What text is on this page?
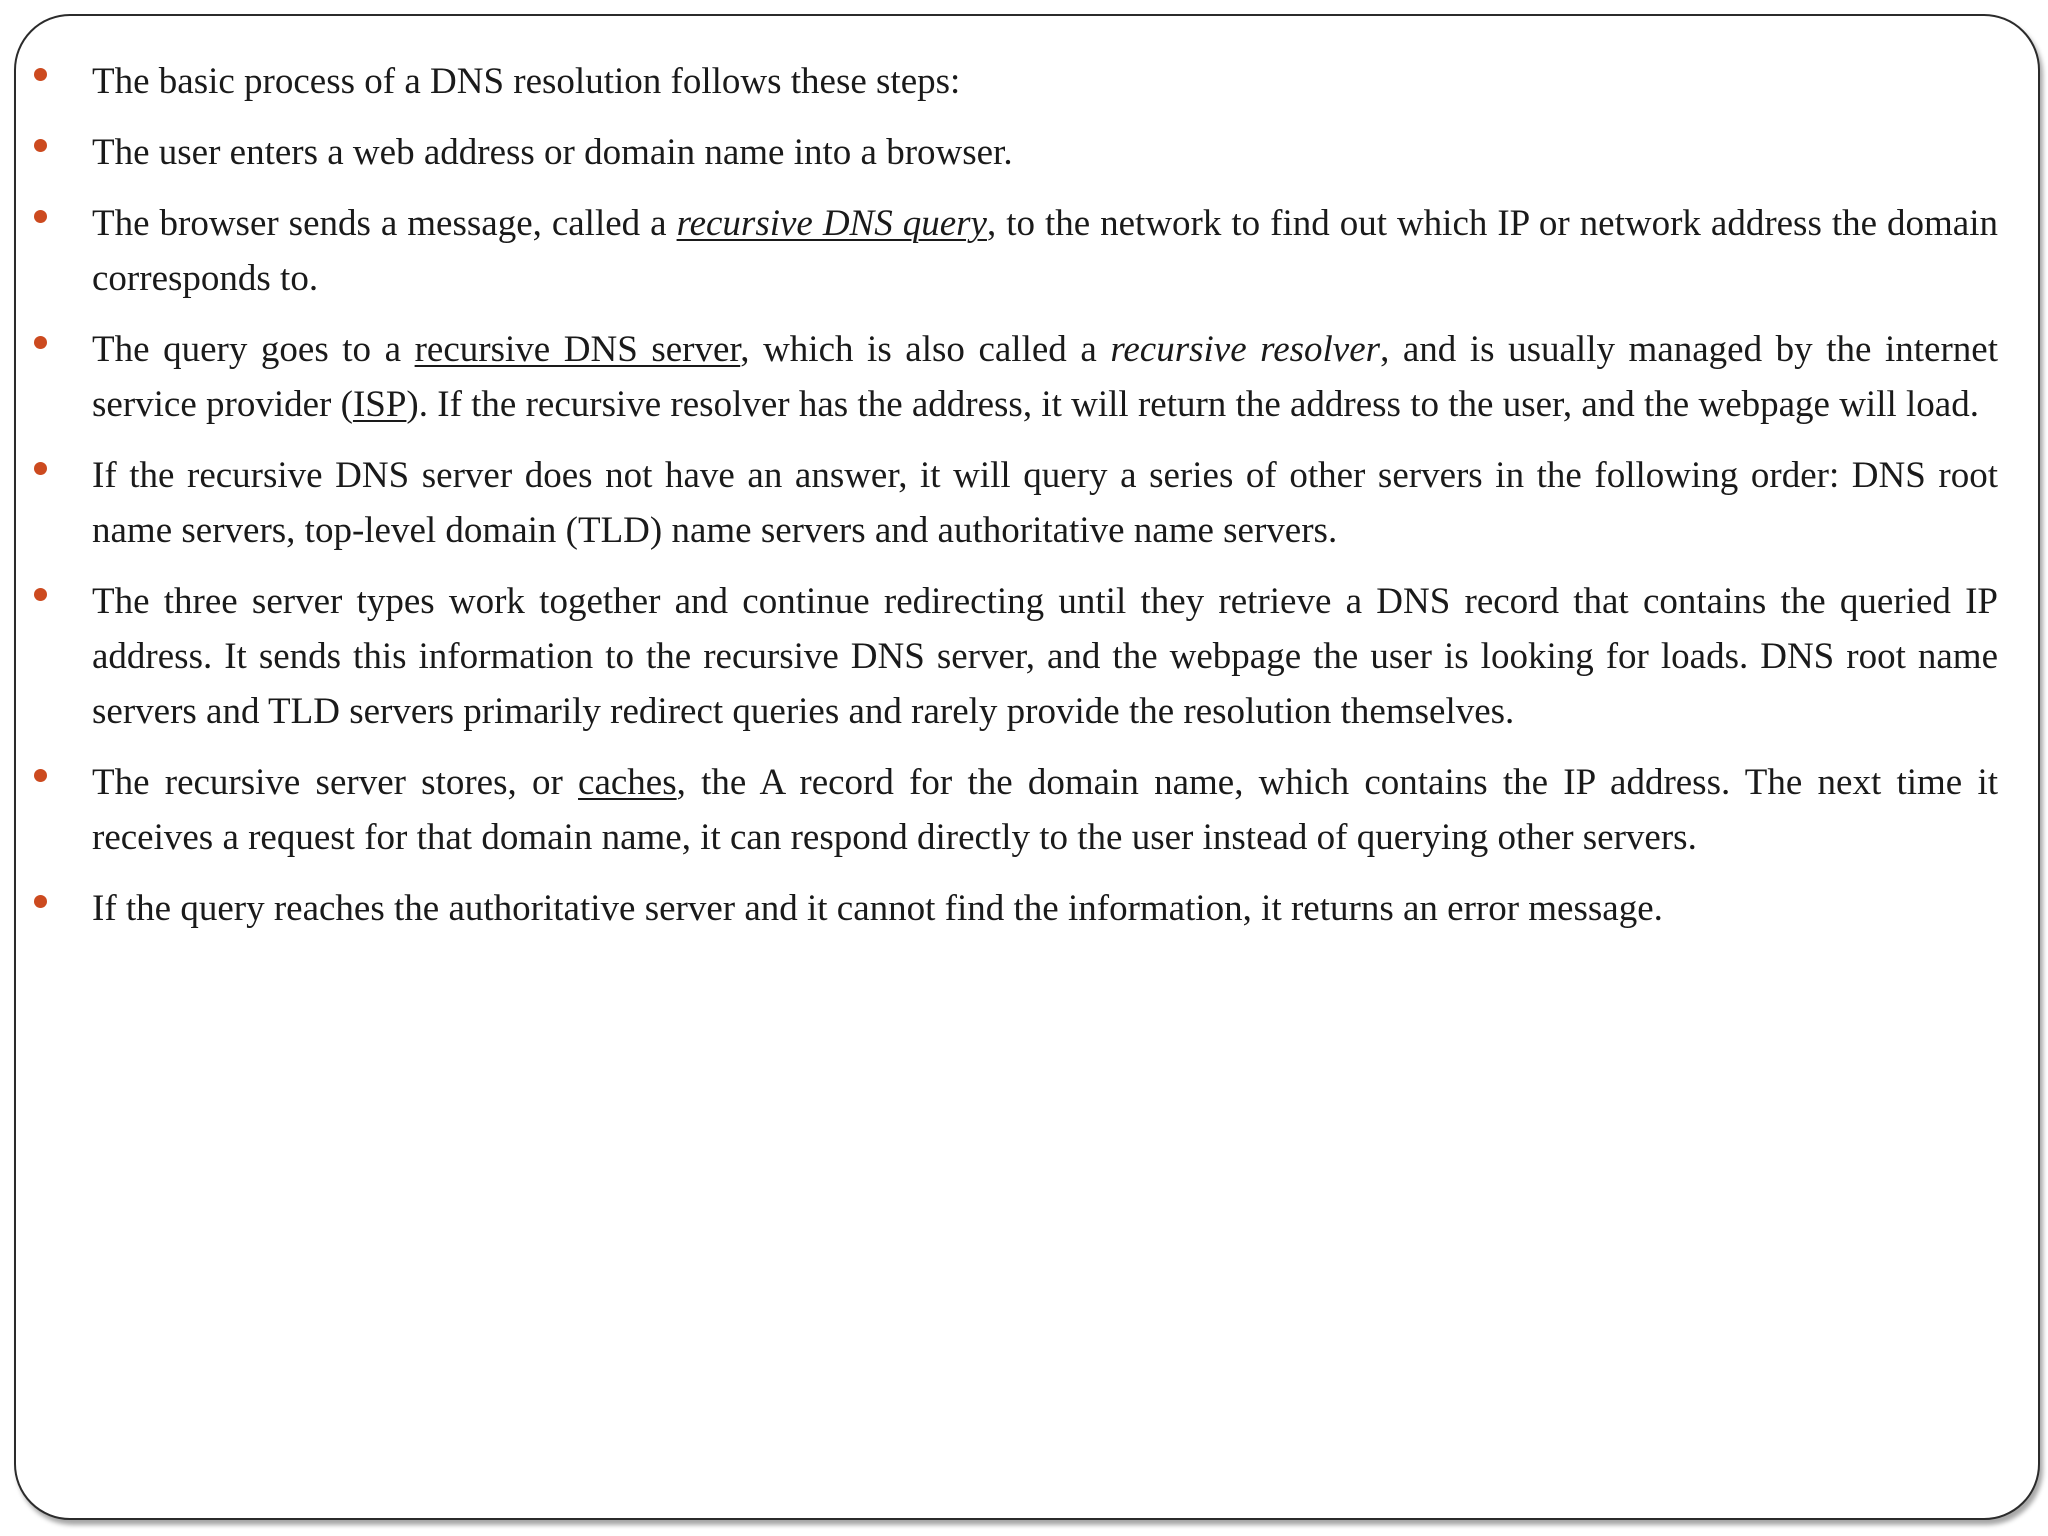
The basic process of a DNS resolution follows these steps:
The user enters a web address or domain name into a browser.
The browser sends a message, called a recursive DNS query, to the network to find out which IP or network address the domain corresponds to.
The query goes to a recursive DNS server, which is also called a recursive resolver, and is usually managed by the internet service provider (ISP). If the recursive resolver has the address, it will return the address to the user, and the webpage will load.
If the recursive DNS server does not have an answer, it will query a series of other servers in the following order: DNS root name servers, top-level domain (TLD) name servers and authoritative name servers.
The three server types work together and continue redirecting until they retrieve a DNS record that contains the queried IP address. It sends this information to the recursive DNS server, and the webpage the user is looking for loads. DNS root name servers and TLD servers primarily redirect queries and rarely provide the resolution themselves.
The recursive server stores, or caches, the A record for the domain name, which contains the IP address. The next time it receives a request for that domain name, it can respond directly to the user instead of querying other servers.
If the query reaches the authoritative server and it cannot find the information, it returns an error message.
